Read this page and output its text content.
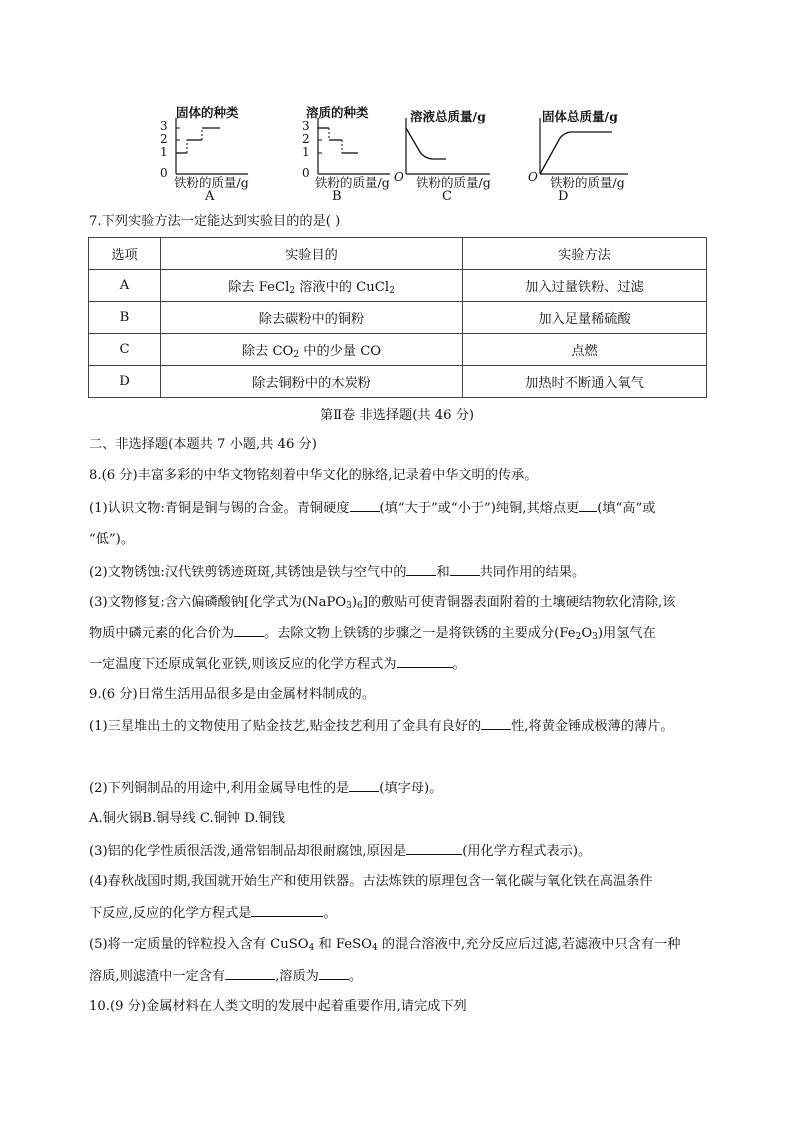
固体的种类
3
2
1
0
铁粉的质量/g
A
溶质的种类
3
2
1
0
铁粉的质量/g
B
溶液总质量/g
O 铁粉的质量/g
C
固体总质量/g
O 铁粉的质量/g
D
7.下列实验方法一定能达到实验目的的是( )
选项	实验目的	实验方法
A	除去 FeCl$_2$ 溶液中的 CuCl$_2$	加入过量铁粉、过滤
B	除去碳粉中的铜粉	加入足量稀硫酸
C	除去 $CO_2$ 中的少量 CO	点燃
D	除去铜粉中的木炭粉	加热时不断通入氧气
第Ⅱ卷 非选择题(共 46 分)
二、非选择题(本题共 7 小题,共 46 分)
8.(6 分)丰富多彩的中华文物铭刻着中华文化的脉络,记录着中华文明的传承。
(1)认识文物:青铜是铜与锡的合金。青铜硬度 (填“大于”或“小于”)纯铜,其熔点更 (填“高”或
“低”)。
(2)文物锈蚀:汉代铁剪锈迹斑斑,其锈蚀是铁与空气中的 和 共同作用的结果。
(3)文物修复:含六偏磷酸钠[化学式为$(NaPO_3)_6$]的敷贴可使青铜器表面附着的土壤硬结物软化清除,该
物质中磷元素的化合价为 。去除文物上铁锈的步骤之一是将铁锈的主要成分$(Fe_2O_3)$用氢气在
一定温度下还原成氧化亚铁,则该反应的化学方程式为	。
9.(6 分)日常生活用品很多是由金属材料制成的。
(1)三星堆出土的文物使用了贴金技艺,贴金技艺利用了金具有良好的 性,将黄金锤成极薄的薄片。
(2)下列铜制品的用途中,利用金属导电性的是 (填字母)。
A.铜火锅B.铜导线 C.铜钟 D.铜钱
(3)铝的化学性质很活泼,通常铝制品却很耐腐蚀,原因是	(用化学方程式表示)。
(4)春秋战国时期,我国就开始生产和使用铁器。古法炼铁的原理包含一氧化碳与氧化铁在高温条件
下反应,反应的化学方程式是	。
(5)将一定质量的锌粒投入含有 CuSO$_4$ 和 FeSO$_4$ 的混合溶液中,充分反应后过滤,若滤液中只含有一种
溶质,则滤渣中一定含有	,溶质为 。
10.(9 分)金属材料在人类文明的发展中起着重要作用,请完成下列
